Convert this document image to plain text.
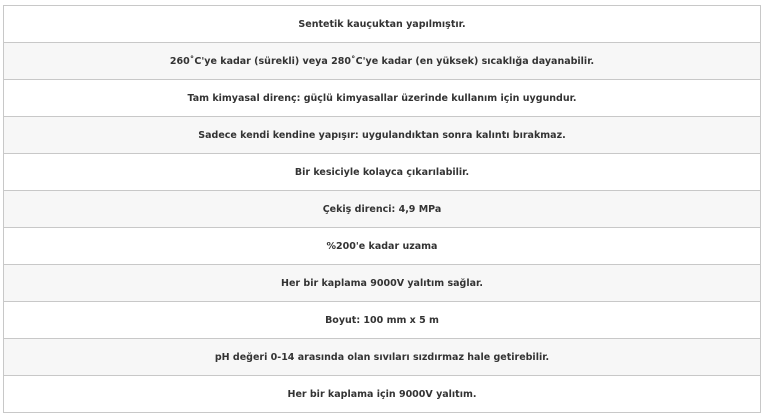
Sentetik kauçuktan yapılmıştır.
260˚C'ye kadar (sürekli) veya 280˚C'ye kadar (en yüksek) sıcaklığa dayanabilir.
Tam kimyasal direnç: güçlü kimyasallar üzerinde kullanım için uygundur.
Sadece kendi kendine yapışır: uygulandıktan sonra kalıntı bırakmaz.
Bir kesiciyle kolayca çıkarılabilir.
Çekiş direnci: 4,9 MPa
%200'e kadar uzama
Her bir kaplama 9000V yalıtım sağlar.
Boyut: 100 mm x 5 m
pH değeri 0-14 arasında olan sıvıları sızdırmaz hale getirebilir.
Her bir kaplama için 9000V yalıtım.
